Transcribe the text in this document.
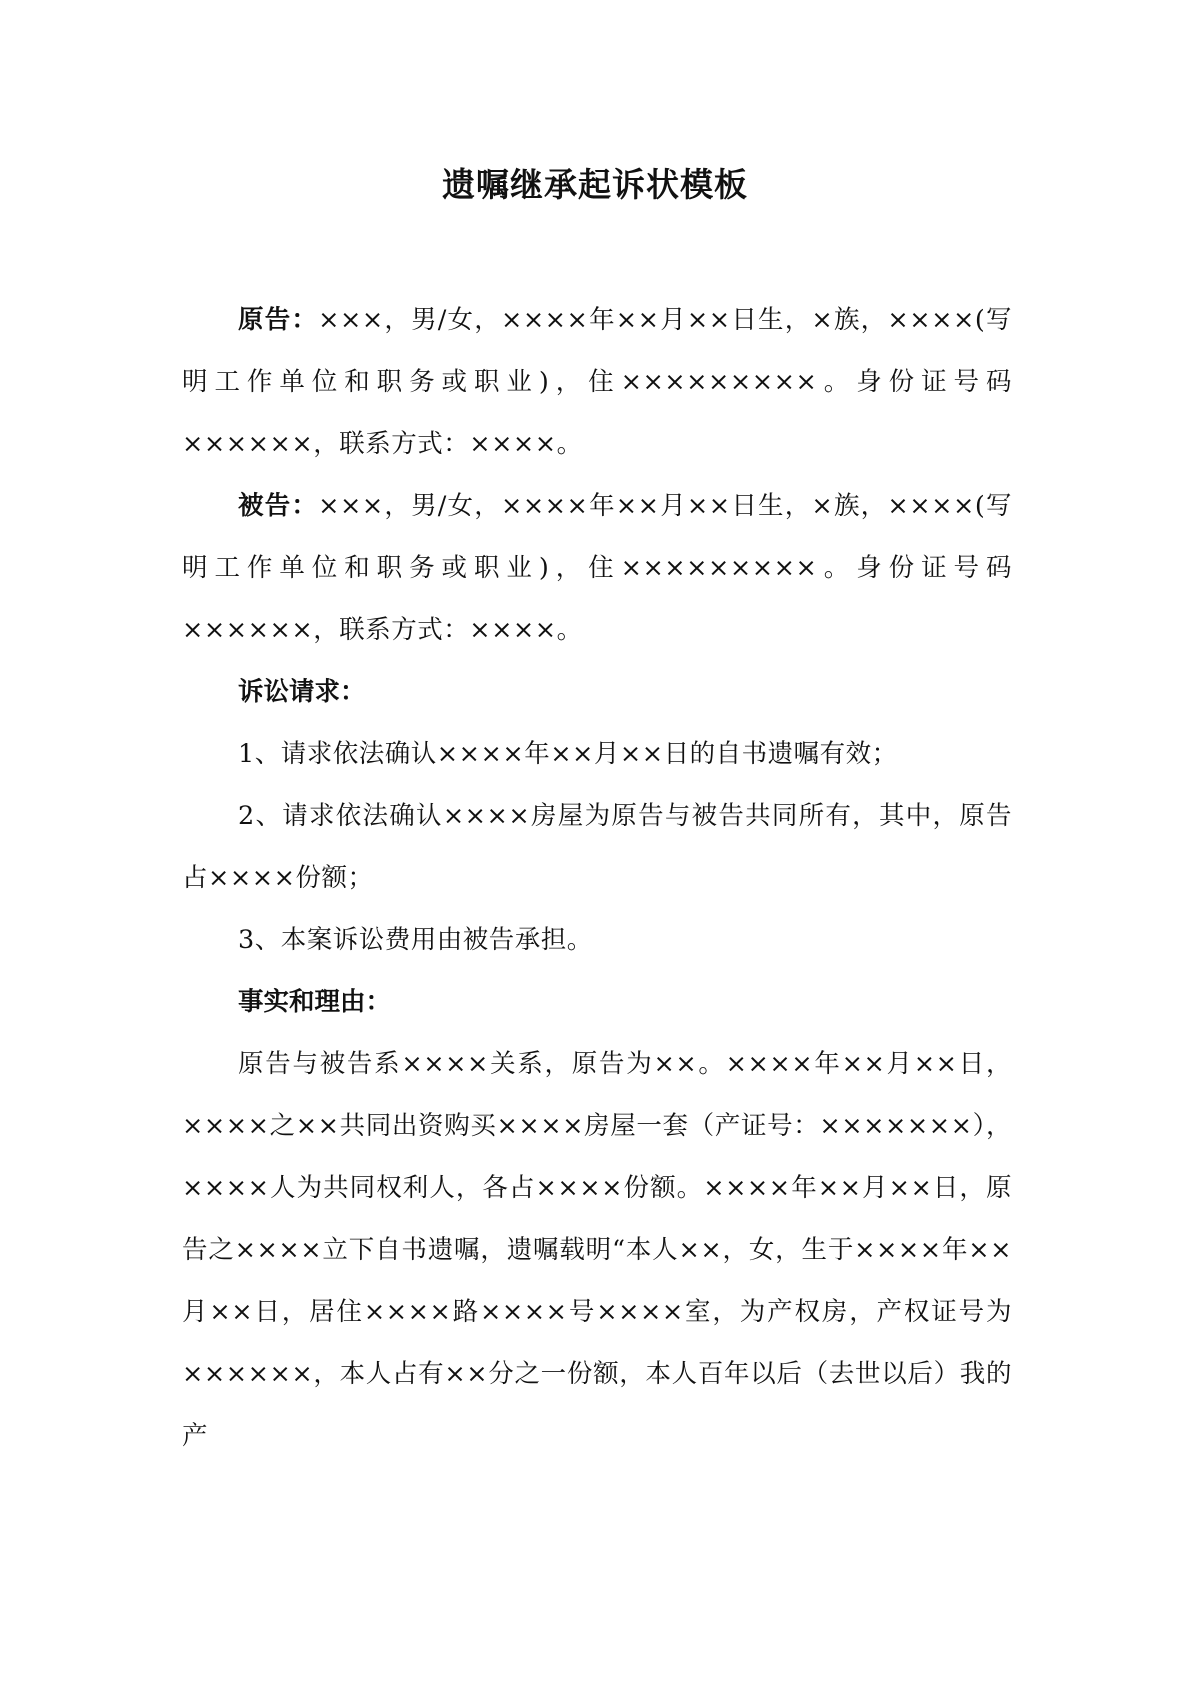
遗嘱继承起诉状模板

原告：×××，男/女，××××年××月××日生，×族，××××(写明工作单位和职务或职业)，住×××××××××。身份证号码××××××，联系方式：××××。

被告：×××，男/女，××××年××月××日生，×族，××××(写明工作单位和职务或职业)，住×××××××××。身份证号码××××××，联系方式：××××。

诉讼请求：

1、请求依法确认××××年××月××日的自书遗嘱有效；

2、请求依法确认××××房屋为原告与被告共同所有，其中，原告占××××份额；

3、本案诉讼费用由被告承担。

事实和理由：

原告与被告系××××关系，原告为××。××××年××月××日，××××之××共同出资购买××××房屋一套（产证号：×××××××），××××人为共同权利人，各占××××份额。××××年××月××日，原告之××××立下自书遗嘱，遗嘱载明“本人××，女，生于××××年××月××日，居住××××路××××号××××室，为产权房，产权证号为××××××，本人占有××分之一份额，本人百年以后（去世以后）我的产
